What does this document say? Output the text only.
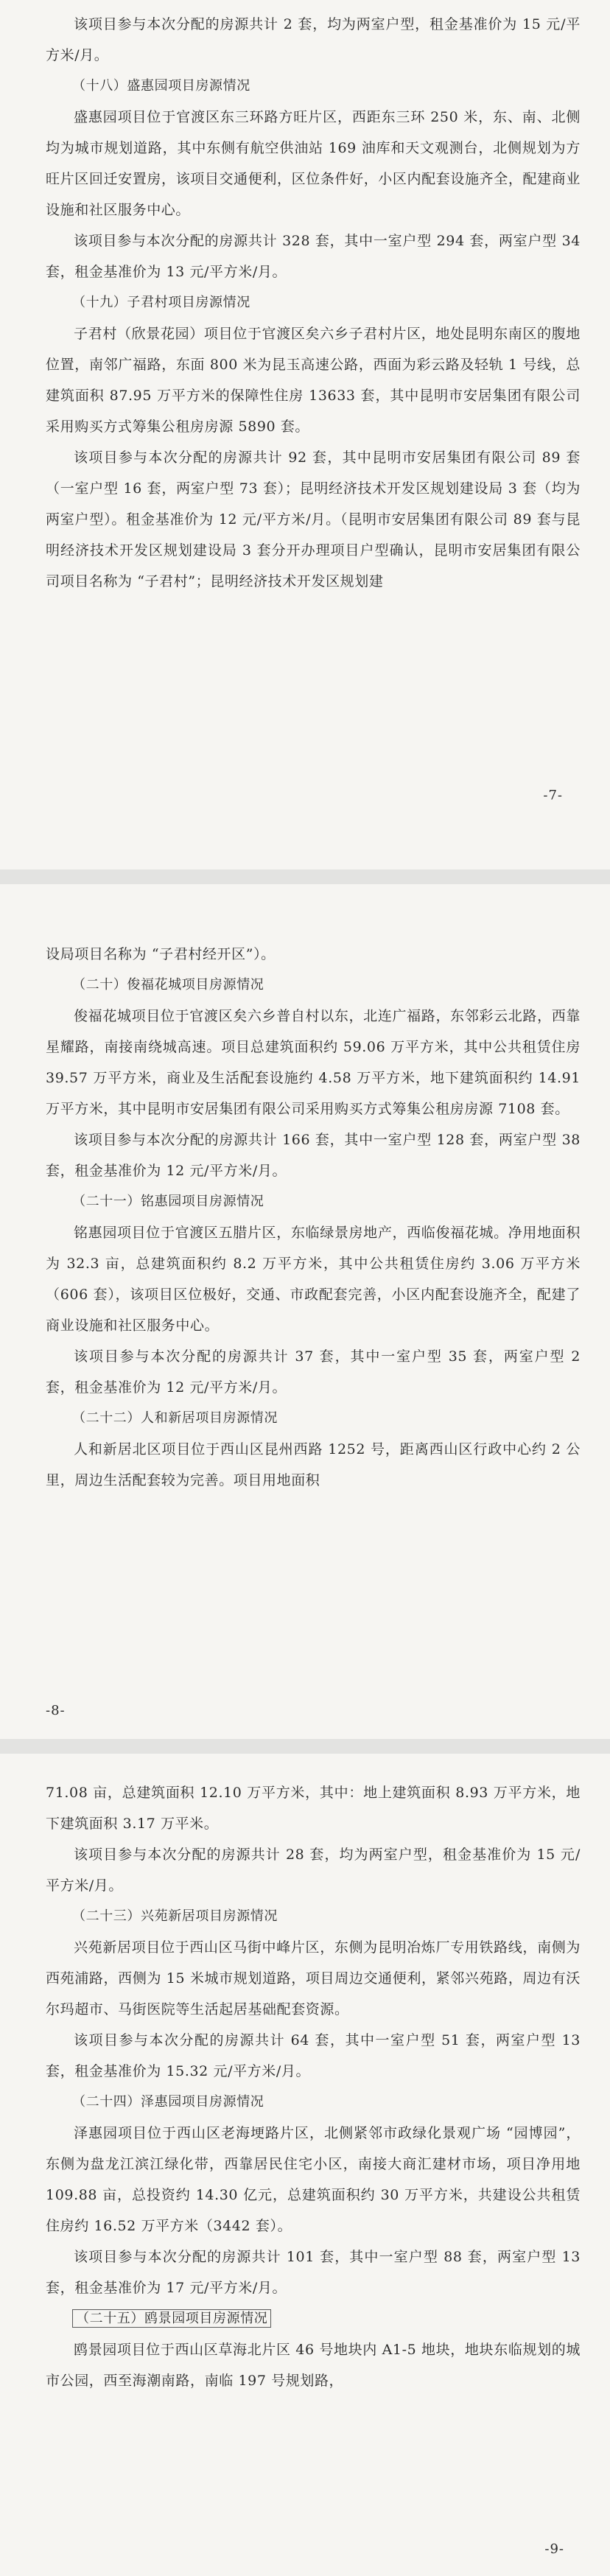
该项目参与本次分配的房源共计 2 套，均为两室户型，租金基准价为 15 元/平方米/月。

（十八）盛惠园项目房源情况

盛惠园项目位于官渡区东三环路方旺片区，西距东三环 250 米，东、南、北侧均为城市规划道路，其中东侧有航空供油站 169 油库和天文观测台，北侧规划为方旺片区回迁安置房，该项目交通便利，区位条件好，小区内配套设施齐全，配建商业设施和社区服务中心。

该项目参与本次分配的房源共计 328 套，其中一室户型 294 套，两室户型 34 套，租金基准价为 13 元/平方米/月。

（十九）子君村项目房源情况

子君村（欣景花园）项目位于官渡区矣六乡子君村片区，地处昆明东南区的腹地位置，南邻广福路，东面 800 米为昆玉高速公路，西面为彩云路及轻轨 1 号线，总建筑面积 87.95 万平方米的保障性住房 13633 套，其中昆明市安居集团有限公司采用购买方式筹集公租房房源 5890 套。

该项目参与本次分配的房源共计 92 套，其中昆明市安居集团有限公司 89 套（一室户型 16 套，两室户型 73 套）；昆明经济技术开发区规划建设局 3 套（均为两室户型）。租金基准价为 12 元/平方米/月。（昆明市安居集团有限公司 89 套与昆明经济技术开发区规划建设局 3 套分开办理项目户型确认，昆明市安居集团有限公司项目名称为 “子君村”；昆明经济技术开发区规划建

-7-

设局项目名称为 “子君村经开区”）。

（二十）俊福花城项目房源情况

俊福花城项目位于官渡区矣六乡普自村以东，北连广福路，东邻彩云北路，西靠星耀路，南接南绕城高速。项目总建筑面积约 59.06 万平方米，其中公共租赁住房 39.57 万平方米，商业及生活配套设施约 4.58 万平方米，地下建筑面积约 14.91 万平方米，其中昆明市安居集团有限公司采用购买方式筹集公租房房源 7108 套。

该项目参与本次分配的房源共计 166 套，其中一室户型 128 套，两室户型 38 套，租金基准价为 12 元/平方米/月。

（二十一）铭惠园项目房源情况

铭惠园项目位于官渡区五腊片区，东临绿景房地产，西临俊福花城。净用地面积为 32.3 亩，总建筑面积约 8.2 万平方米，其中公共租赁住房约 3.06 万平方米（606 套），该项目区位极好，交通、市政配套完善，小区内配套设施齐全，配建了商业设施和社区服务中心。

该项目参与本次分配的房源共计 37 套，其中一室户型 35 套，两室户型 2 套，租金基准价为 12 元/平方米/月。

（二十二）人和新居项目房源情况

人和新居北区项目位于西山区昆州西路 1252 号，距离西山区行政中心约 2 公里，周边生活配套较为完善。项目用地面积

-8-

71.08 亩，总建筑面积 12.10 万平方米，其中：地上建筑面积 8.93 万平方米，地下建筑面积 3.17 万平米。

该项目参与本次分配的房源共计 28 套，均为两室户型，租金基准价为 15 元/平方米/月。

（二十三）兴苑新居项目房源情况

兴苑新居项目位于西山区马街中峰片区，东侧为昆明冶炼厂专用铁路线，南侧为西苑浦路，西侧为 15 米城市规划道路，项目周边交通便利，紧邻兴苑路，周边有沃尔玛超市、马街医院等生活起居基础配套资源。

该项目参与本次分配的房源共计 64 套，其中一室户型 51 套，两室户型 13 套，租金基准价为 15.32 元/平方米/月。

（二十四）泽惠园项目房源情况

泽惠园项目位于西山区老海埂路片区，北侧紧邻市政绿化景观广场 “园博园”，东侧为盘龙江滨江绿化带，西靠居民住宅小区，南接大商汇建材市场，项目净用地 109.88 亩，总投资约 14.30 亿元，总建筑面积约 30 万平方米，共建设公共租赁住房约 16.52 万平方米（3442 套）。

该项目参与本次分配的房源共计 101 套，其中一室户型 88 套，两室户型 13 套，租金基准价为 17 元/平方米/月。

（二十五）鸥景园项目房源情况

鸥景园项目位于西山区草海北片区 46 号地块内 A1-5 地块，地块东临规划的城市公园，西至海潮南路，南临 197 号规划路，

-9-
